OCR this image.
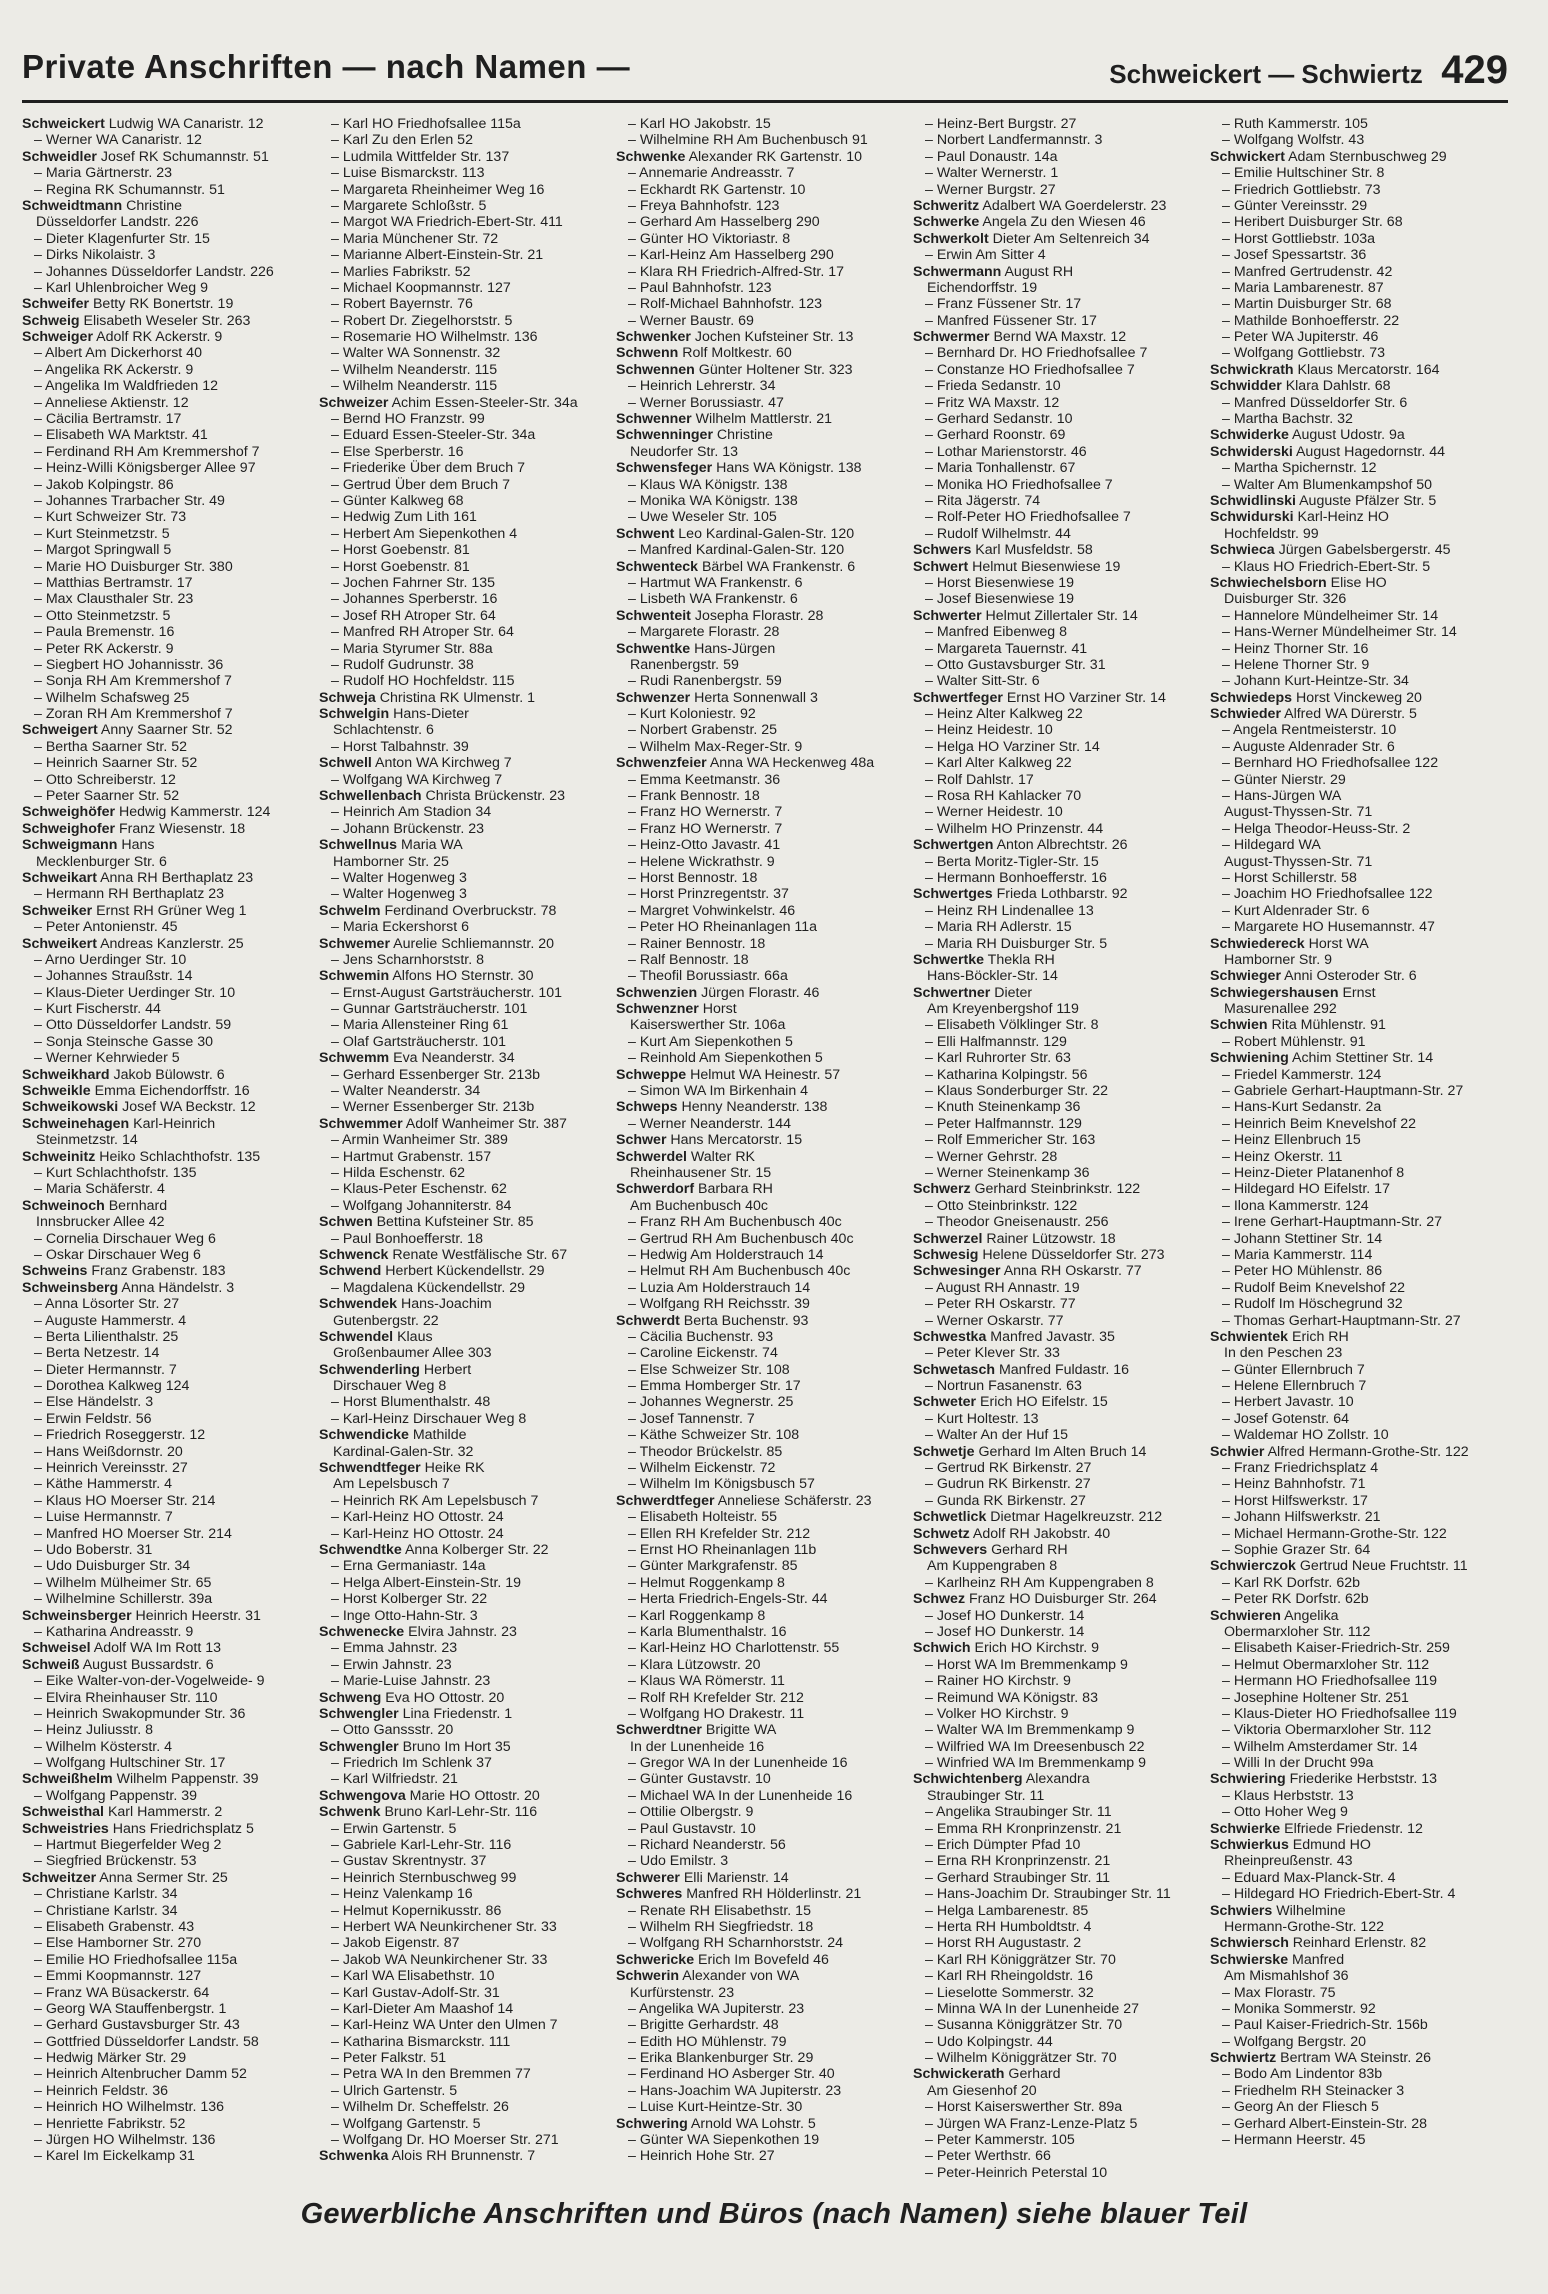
Private Anschriften — nach Namen —	Schweickert — Schwiertz 429
Schweickert Ludwig WA Canaristr. 12
– Werner WA Canaristr. 12
Schweidler Josef RK Schumannstr. 51
– Maria Gärtnerstr. 23
– Regina RK Schumannstr. 51
Schweidtmann Christine
Düsseldorfer Landstr. 226
– Dieter Klagenfurter Str. 15
– Dirks Nikolaistr. 3
– Johannes Düsseldorfer Landstr. 226
– Karl Uhlenbroicher Weg 9
Schweifer Betty RK Bonertstr. 19
Schweig Elisabeth Weseler Str. 263
Schweiger Adolf RK Ackerstr. 9
– Albert Am Dickerhorst 40
– Angelika RK Ackerstr. 9
– Angelika Im Waldfrieden 12
– Anneliese Aktienstr. 12
– Cäcilia Bertramstr. 17
– Elisabeth WA Marktstr. 41
– Ferdinand RH Am Kremmershof 7
– Heinz-Willi Königsberger Allee 97
– Jakob Kolpingstr. 86
– Johannes Trarbacher Str. 49
– Kurt Schweizer Str. 73
– Kurt Steinmetzstr. 5
– Margot Springwall 5
– Marie HO Duisburger Str. 380
– Matthias Bertramstr. 17
– Max Clausthaler Str. 23
– Otto Steinmetzstr. 5
– Paula Bremenstr. 16
– Peter RK Ackerstr. 9
– Siegbert HO Johannisstr. 36
– Sonja RH Am Kremmershof 7
– Wilhelm Schafsweg 25
– Zoran RH Am Kremmershof 7
Schweigert Anny Saarner Str. 52
– Bertha Saarner Str. 52
– Heinrich Saarner Str. 52
– Otto Schreiberstr. 12
– Peter Saarner Str. 52
Schweighöfer Hedwig Kammerstr. 124
Schweighofer Franz Wiesenstr. 18
Schweigmann Hans
Mecklenburger Str. 6
Schweikart Anna RH Berthaplatz 23
– Hermann RH Berthaplatz 23
Schweiker Ernst RH Grüner Weg 1
– Peter Antonienstr. 45
Schweikert Andreas Kanzlerstr. 25
– Arno Uerdinger Str. 10
– Johannes Straußstr. 14
– Klaus-Dieter Uerdinger Str. 10
– Kurt Fischerstr. 44
– Otto Düsseldorfer Landstr. 59
– Sonja Steinsche Gasse 30
– Werner Kehrwieder 5
Schweikhard Jakob Bülowstr. 6
Schweikle Emma Eichendorffstr. 16
Schweikowski Josef WA Beckstr. 12
Schweinehagen Karl-Heinrich
Steinmetzstr. 14
Schweinitz Heiko Schlachthofstr. 135
– Kurt Schlachthofstr. 135
– Maria Schäferstr. 4
Schweinoch Bernhard
Innsbrucker Allee 42
– Cornelia Dirschauer Weg 6
– Oskar Dirschauer Weg 6
Schweins Franz Grabenstr. 183
Schweinsberg Anna Händelstr. 3
– Anna Lösorter Str. 27
– Auguste Hammerstr. 4
– Berta Lilienthalstr. 25
– Berta Netzestr. 14
– Dieter Hermannstr. 7
– Dorothea Kalkweg 124
– Else Händelstr. 3
– Erwin Feldstr. 56
– Friedrich Roseggerstr. 12
– Hans Weißdornstr. 20
– Heinrich Vereinsstr. 27
– Käthe Hammerstr. 4
– Klaus HO Moerser Str. 214
– Luise Hermannstr. 7
– Manfred HO Moerser Str. 214
– Udo Boberstr. 31
– Udo Duisburger Str. 34
– Wilhelm Mülheimer Str. 65
– Wilhelmine Schillerstr. 39a
Schweinsberger Heinrich Heerstr. 31
– Katharina Andreasstr. 9
Schweisel Adolf WA Im Rott 13
Schweiß August Bussardstr. 6
– Eike Walter-von-der-Vogelweide- 9
– Elvira Rheinhauser Str. 110
– Heinrich Swakopmunder Str. 36
– Heinz Juliusstr. 8
– Wilhelm Kösterstr. 4
– Wolfgang Hultschiner Str. 17
Schweißhelm Wilhelm Pappenstr. 39
– Wolfgang Pappenstr. 39
Schweisthal Karl Hammerstr. 2
Schweistries Hans Friedrichsplatz 5
– Hartmut Biegerfelder Weg 2
– Siegfried Brückenstr. 53
Schweitzer Anna Sermer Str. 25
– Christiane Karlstr. 34
– Christiane Karlstr. 34
– Elisabeth Grabenstr. 43
– Else Hamborner Str. 270
– Emilie HO Friedhofsallee 115a
– Emmi Koopmannstr. 127
– Franz WA Büsackerstr. 64
– Georg WA Stauffenbergstr. 1
– Gerhard Gustavsburger Str. 43
– Gottfried Düsseldorfer Landstr. 58
– Hedwig Märker Str. 29
– Heinrich Altenbrucher Damm 52
– Heinrich Feldstr. 36
– Heinrich HO Wilhelmstr. 136
– Henriette Fabrikstr. 52
– Jürgen HO Wilhelmstr. 136
– Karel Im Eickelkamp 31
– Karl HO Friedhofsallee 115a
– Karl Zu den Erlen 52
– Ludmila Wittfelder Str. 137
– Luise Bismarckstr. 113
– Margareta Rheinheimer Weg 16
– Margarete Schloßstr. 5
– Margot WA Friedrich-Ebert-Str. 411
– Maria Münchener Str. 72
– Marianne Albert-Einstein-Str. 21
– Marlies Fabrikstr. 52
– Michael Koopmannstr. 127
– Robert Bayernstr. 76
– Robert Dr. Ziegelhorststr. 5
– Rosemarie HO Wilhelmstr. 136
– Walter WA Sonnenstr. 32
– Wilhelm Neanderstr. 115
– Wilhelm Neanderstr. 115
Schweizer Achim Essen-Steeler-Str. 34a
– Bernd HO Franzstr. 99
– Eduard Essen-Steeler-Str. 34a
– Else Sperberstr. 16
– Friederike Über dem Bruch 7
– Gertrud Über dem Bruch 7
– Günter Kalkweg 68
– Hedwig Zum Lith 161
– Herbert Am Siepenkothen 4
– Horst Goebenstr. 81
– Horst Goebenstr. 81
– Jochen Fahrner Str. 135
– Johannes Sperberstr. 16
– Josef RH Atroper Str. 64
– Manfred RH Atroper Str. 64
– Maria Styrumer Str. 88a
– Rudolf Gudrunstr. 38
– Rudolf HO Hochfeldstr. 115
Schweja Christina RK Ulmenstr. 1
Schwelgin Hans-Dieter
Schlachtenstr. 6
– Horst Talbahnstr. 39
Schwell Anton WA Kirchweg 7
– Wolfgang WA Kirchweg 7
Schwellenbach Christa Brückenstr. 23
– Heinrich Am Stadion 34
– Johann Brückenstr. 23
Schwellnus Maria WA
Hamborner Str. 25
– Walter Hogenweg 3
– Walter Hogenweg 3
Schwelm Ferdinand Overbruckstr. 78
– Maria Eckershorst 6
Schwemer Aurelie Schliemannstr. 20
– Jens Scharnhorststr. 8
Schwemin Alfons HO Sternstr. 30
– Ernst-August Gartsträucherstr. 101
– Gunnar Gartsträucherstr. 101
– Maria Allensteiner Ring 61
– Olaf Gartsträucherstr. 101
Schwemm Eva Neanderstr. 34
– Gerhard Essenberger Str. 213b
– Walter Neanderstr. 34
– Werner Essenberger Str. 213b
Schwemmer Adolf Wanheimer Str. 387
– Armin Wanheimer Str. 389
– Hartmut Grabenstr. 157
– Hilda Eschenstr. 62
– Klaus-Peter Eschenstr. 62
– Wolfgang Johanniterstr. 84
Schwen Bettina Kufsteiner Str. 85
– Paul Bonhoefferstr. 18
Schwenck Renate Westfälische Str. 67
Schwend Herbert Kückendellstr. 29
– Magdalena Kückendellstr. 29
Schwendek Hans-Joachim
Gutenbergstr. 22
Schwendel Klaus
Großenbaumer Allee 303
Schwenderling Herbert
Dirschauer Weg 8
– Horst Blumenthalstr. 48
– Karl-Heinz Dirschauer Weg 8
Schwendicke Mathilde
Kardinal-Galen-Str. 32
Schwendtfeger Heike RK
Am Lepelsbusch 7
– Heinrich RK Am Lepelsbusch 7
– Karl-Heinz HO Ottostr. 24
– Karl-Heinz HO Ottostr. 24
Schwendtke Anna Kolberger Str. 22
– Erna Germaniastr. 14a
– Helga Albert-Einstein-Str. 19
– Horst Kolberger Str. 22
– Inge Otto-Hahn-Str. 3
Schwenecke Elvira Jahnstr. 23
– Emma Jahnstr. 23
– Erwin Jahnstr. 23
– Marie-Luise Jahnstr. 23
Schweng Eva HO Ottostr. 20
Schwengler Lina Friedenstr. 1
– Otto Ganssstr. 20
Schwengler Bruno Im Hort 35
– Friedrich Im Schlenk 37
– Karl Wilfriedstr. 21
Schwengova Marie HO Ottostr. 20
Schwenk Bruno Karl-Lehr-Str. 116
– Erwin Gartenstr. 5
– Gabriele Karl-Lehr-Str. 116
– Gustav Skrentnystr. 37
– Heinrich Sternbuschweg 99
– Heinz Valenkamp 16
– Helmut Kopernikusstr. 86
– Herbert WA Neunkirchener Str. 33
– Jakob Eigenstr. 87
– Jakob WA Neunkirchener Str. 33
– Karl WA Elisabethstr. 10
– Karl Gustav-Adolf-Str. 31
– Karl-Dieter Am Maashof 14
– Karl-Heinz WA Unter den Ulmen 7
– Katharina Bismarckstr. 111
– Peter Falkstr. 51
– Petra WA In den Bremmen 77
– Ulrich Gartenstr. 5
– Wilhelm Dr. Scheffelstr. 26
– Wolfgang Gartenstr. 5
– Wolfgang Dr. HO Moerser Str. 271
Schwenka Alois RH Brunnenstr. 7
– Karl HO Jakobstr. 15
– Wilhelmine RH Am Buchenbusch 91
Schwenke Alexander RK Gartenstr. 10
– Annemarie Andreasstr. 7
– Eckhardt RK Gartenstr. 10
– Freya Bahnhofstr. 123
– Gerhard Am Hasselberg 290
– Günter HO Viktoriastr. 8
– Karl-Heinz Am Hasselberg 290
– Klara RH Friedrich-Alfred-Str. 17
– Paul Bahnhofstr. 123
– Rolf-Michael Bahnhofstr. 123
– Werner Baustr. 69
Schwenker Jochen Kufsteiner Str. 13
Schwenn Rolf Moltkestr. 60
Schwennen Günter Holtener Str. 323
– Heinrich Lehrerstr. 34
– Werner Borussiastr. 47
Schwenner Wilhelm Mattlerstr. 21
Schwenninger Christine
Neudorfer Str. 13
Schwensfeger Hans WA Königstr. 138
– Klaus WA Königstr. 138
– Monika WA Königstr. 138
– Uwe Weseler Str. 105
Schwent Leo Kardinal-Galen-Str. 120
– Manfred Kardinal-Galen-Str. 120
Schwenteck Bärbel WA Frankenstr. 6
– Hartmut WA Frankenstr. 6
– Lisbeth WA Frankenstr. 6
Schwenteit Josepha Florastr. 28
– Margarete Florastr. 28
Schwentke Hans-Jürgen
Ranenbergstr. 59
– Rudi Ranenbergstr. 59
Schwenzer Herta Sonnenwall 3
– Kurt Koloniestr. 92
– Norbert Grabenstr. 25
– Wilhelm Max-Reger-Str. 9
Schwenzfeier Anna WA Heckenweg 48a
– Emma Keetmanstr. 36
– Frank Bennostr. 18
– Franz HO Wernerstr. 7
– Franz HO Wernerstr. 7
– Heinz-Otto Javastr. 41
– Helene Wickrathstr. 9
– Horst Bennostr. 18
– Horst Prinzregentstr. 37
– Margret Vohwinkelstr. 46
– Peter HO Rheinanlagen 11a
– Rainer Bennostr. 18
– Ralf Bennostr. 18
– Theofil Borussiastr. 66a
Schwenzien Jürgen Florastr. 46
Schwenzner Horst
Kaiserswerther Str. 106a
– Kurt Am Siepenkothen 5
– Reinhold Am Siepenkothen 5
Schweppe Helmut WA Heinestr. 57
– Simon WA Im Birkenhain 4
Schweps Henny Neanderstr. 138
– Werner Neanderstr. 144
Schwer Hans Mercatorstr. 15
Schwerdel Walter RK
Rheinhausener Str. 15
Schwerdorf Barbara RH
Am Buchenbusch 40c
– Franz RH Am Buchenbusch 40c
– Gertrud RH Am Buchenbusch 40c
– Hedwig Am Holderstrauch 14
– Helmut RH Am Buchenbusch 40c
– Luzia Am Holderstrauch 14
– Wolfgang RH Reichsstr. 39
Schwerdt Berta Buchenstr. 93
– Cäcilia Buchenstr. 93
– Caroline Eickenstr. 74
– Else Schweizer Str. 108
– Emma Homberger Str. 17
– Johannes Wegnerstr. 25
– Josef Tannenstr. 7
– Käthe Schweizer Str. 108
– Theodor Brückelstr. 85
– Wilhelm Eickenstr. 72
– Wilhelm Im Königsbusch 57
Schwerdtfeger Anneliese Schäferstr. 23
– Elisabeth Holteistr. 55
– Ellen RH Krefelder Str. 212
– Ernst HO Rheinanlagen 11b
– Günter Markgrafenstr. 85
– Helmut Roggenkamp 8
– Herta Friedrich-Engels-Str. 44
– Karl Roggenkamp 8
– Karla Blumenthalstr. 16
– Karl-Heinz HO Charlottenstr. 55
– Klara Lützowstr. 20
– Klaus WA Römerstr. 11
– Rolf RH Krefelder Str. 212
– Wolfgang HO Drakestr. 11
Schwerdtner Brigitte WA
In der Lunenheide 16
– Gregor WA In der Lunenheide 16
– Günter Gustavstr. 10
– Michael WA In der Lunenheide 16
– Ottilie Olbergstr. 9
– Paul Gustavstr. 10
– Richard Neanderstr. 56
– Udo Emilstr. 3
Schwerer Elli Marienstr. 14
Schweres Manfred RH Hölderlinstr. 21
– Renate RH Elisabethstr. 15
– Wilhelm RH Siegfriedstr. 18
– Wolfgang RH Scharnhorststr. 24
Schwericke Erich Im Bovefeld 46
Schwerin Alexander von WA
Kurfürstenstr. 23
– Angelika WA Jupiterstr. 23
– Brigitte Gerhardstr. 48
– Edith HO Mühlenstr. 79
– Erika Blankenburger Str. 29
– Ferdinand HO Asberger Str. 40
– Hans-Joachim WA Jupiterstr. 23
– Luise Kurt-Heintze-Str. 30
Schwering Arnold WA Lohstr. 5
– Günter WA Siepenkothen 19
– Heinrich Hohe Str. 27
– Heinz-Bert Burgstr. 27
– Norbert Landfermannstr. 3
– Paul Donaustr. 14a
– Walter Wernerstr. 1
– Werner Burgstr. 27
Schweritz Adalbert WA Goerdelerstr. 23
Schwerke Angela Zu den Wiesen 46
Schwerkolt Dieter Am Seltenreich 34
– Erwin Am Sitter 4
Schwermann August RH
Eichendorffstr. 19
– Franz Füssener Str. 17
– Manfred Füssener Str. 17
Schwermer Bernd WA Maxstr. 12
– Bernhard Dr. HO Friedhofsallee 7
– Constanze HO Friedhofsallee 7
– Frieda Sedanstr. 10
– Fritz WA Maxstr. 12
– Gerhard Sedanstr. 10
– Gerhard Roonstr. 69
– Lothar Marienstorstr. 46
– Maria Tonhallenstr. 67
– Monika HO Friedhofsallee 7
– Rita Jägerstr. 74
– Rolf-Peter HO Friedhofsallee 7
– Rudolf Wilhelmstr. 44
Schwers Karl Musfeldstr. 58
Schwert Helmut Biesenwiese 19
– Horst Biesenwiese 19
– Josef Biesenwiese 19
Schwerter Helmut Zillertaler Str. 14
– Manfred Eibenweg 8
– Margareta Tauernstr. 41
– Otto Gustavsburger Str. 31
– Walter Sitt-Str. 6
Schwertfeger Ernst HO Varziner Str. 14
– Heinz Alter Kalkweg 22
– Heinz Heidestr. 10
– Helga HO Varziner Str. 14
– Karl Alter Kalkweg 22
– Rolf Dahlstr. 17
– Rosa RH Kahlacker 70
– Werner Heidestr. 10
– Wilhelm HO Prinzenstr. 44
Schwertgen Anton Albrechtstr. 26
– Berta Moritz-Tigler-Str. 15
– Hermann Bonhoefferstr. 16
Schwertges Frieda Lothbarstr. 92
– Heinz RH Lindenallee 13
– Maria RH Adlerstr. 15
– Maria RH Duisburger Str. 5
Schwertke Thekla RH
Hans-Böckler-Str. 14
Schwertner Dieter
Am Kreyenbergshof 119
– Elisabeth Völklinger Str. 8
– Elli Halfmannstr. 129
– Karl Ruhrorter Str. 63
– Katharina Kolpingstr. 56
– Klaus Sonderburger Str. 22
– Knuth Steinenkamp 36
– Peter Halfmannstr. 129
– Rolf Emmericher Str. 163
– Werner Gehrstr. 28
– Werner Steinenkamp 36
Schwerz Gerhard Steinbrinkstr. 122
– Otto Steinbrinkstr. 122
– Theodor Gneisenaustr. 256
Schwerzel Rainer Lützowstr. 18
Schwesig Helene Düsseldorfer Str. 273
Schwesinger Anna RH Oskarstr. 77
– August RH Annastr. 19
– Peter RH Oskarstr. 77
– Werner Oskarstr. 77
Schwestka Manfred Javastr. 35
– Peter Klever Str. 33
Schwetasch Manfred Fuldastr. 16
– Nortrun Fasanenstr. 63
Schweter Erich HO Eifelstr. 15
– Kurt Holtestr. 13
– Walter An der Huf 15
Schwetje Gerhard Im Alten Bruch 14
– Gertrud RK Birkenstr. 27
– Gudrun RK Birkenstr. 27
– Gunda RK Birkenstr. 27
Schwetlick Dietmar Hagelkreuzstr. 212
Schwetz Adolf RH Jakobstr. 40
Schwevers Gerhard RH
Am Kuppengraben 8
– Karlheinz RH Am Kuppengraben 8
Schwez Franz HO Duisburger Str. 264
– Josef HO Dunkerstr. 14
– Josef HO Dunkerstr. 14
Schwich Erich HO Kirchstr. 9
– Horst WA Im Bremmenkamp 9
– Rainer HO Kirchstr. 9
– Reimund WA Königstr. 83
– Volker HO Kirchstr. 9
– Walter WA Im Bremmenkamp 9
– Wilfried WA Im Dreesenbusch 22
– Winfried WA Im Bremmenkamp 9
Schwichtenberg Alexandra
Straubinger Str. 11
– Angelika Straubinger Str. 11
– Emma RH Kronprinzenstr. 21
– Erich Dümpter Pfad 10
– Erna RH Kronprinzenstr. 21
– Gerhard Straubinger Str. 11
– Hans-Joachim Dr. Straubinger Str. 11
– Helga Lambarenestr. 85
– Herta RH Humboldtstr. 4
– Horst RH Augustastr. 2
– Karl RH Königgrätzer Str. 70
– Karl RH Rheingoldstr. 16
– Lieselotte Sommerstr. 32
– Minna WA In der Lunenheide 27
– Susanna Königgrätzer Str. 70
– Udo Kolpingstr. 44
– Wilhelm Königgrätzer Str. 70
Schwickerath Gerhard
Am Giesenhof 20
– Horst Kaiserswerther Str. 89a
– Jürgen WA Franz-Lenze-Platz 5
– Peter Kammerstr. 105
– Peter Werthstr. 66
– Peter-Heinrich Peterstal 10
– Ruth Kammerstr. 105
– Wolfgang Wolfstr. 43
Schwickert Adam Sternbuschweg 29
– Emilie Hultschiner Str. 8
– Friedrich Gottliebstr. 73
– Günter Vereinsstr. 29
– Heribert Duisburger Str. 68
– Horst Gottliebstr. 103a
– Josef Spessartstr. 36
– Manfred Gertrudenstr. 42
– Maria Lambarenestr. 87
– Martin Duisburger Str. 68
– Mathilde Bonhoefferstr. 22
– Peter WA Jupiterstr. 46
– Wolfgang Gottliebstr. 73
Schwickrath Klaus Mercatorstr. 164
Schwidder Klara Dahlstr. 68
– Manfred Düsseldorfer Str. 6
– Martha Bachstr. 32
Schwiderke August Udostr. 9a
Schwiderski August Hagedornstr. 44
– Martha Spichernstr. 12
– Walter Am Blumenkampshof 50
Schwidlinski Auguste Pfälzer Str. 5
Schwidurski Karl-Heinz HO
Hochfeldstr. 99
Schwieca Jürgen Gabelsbergerstr. 45
– Klaus HO Friedrich-Ebert-Str. 5
Schwiechelsborn Elise HO
Duisburger Str. 326
– Hannelore Mündelheimer Str. 14
– Hans-Werner Mündelheimer Str. 14
– Heinz Thorner Str. 16
– Helene Thorner Str. 9
– Johann Kurt-Heintze-Str. 34
Schwiedeps Horst Vinckeweg 20
Schwieder Alfred WA Dürerstr. 5
– Angela Rentmeisterstr. 10
– Auguste Aldenrader Str. 6
– Bernhard HO Friedhofsallee 122
– Günter Nierstr. 29
– Hans-Jürgen WA
August-Thyssen-Str. 71
– Helga Theodor-Heuss-Str. 2
– Hildegard WA
August-Thyssen-Str. 71
– Horst Schillerstr. 58
– Joachim HO Friedhofsallee 122
– Kurt Aldenrader Str. 6
– Margarete HO Husemannstr. 47
Schwiedereck Horst WA
Hamborner Str. 9
Schwieger Anni Osteroder Str. 6
Schwiegershausen Ernst
Masurenallee 292
Schwien Rita Mühlenstr. 91
– Robert Mühlenstr. 91
Schwiening Achim Stettiner Str. 14
– Friedel Kammerstr. 124
– Gabriele Gerhart-Hauptmann-Str. 27
– Hans-Kurt Sedanstr. 2a
– Heinrich Beim Knevelshof 22
– Heinz Ellenbruch 15
– Heinz Okerstr. 11
– Heinz-Dieter Platanenhof 8
– Hildegard HO Eifelstr. 17
– Ilona Kammerstr. 124
– Irene Gerhart-Hauptmann-Str. 27
– Johann Stettiner Str. 14
– Maria Kammerstr. 114
– Peter HO Mühlenstr. 86
– Rudolf Beim Knevelshof 22
– Rudolf Im Höschegrund 32
– Thomas Gerhart-Hauptmann-Str. 27
Schwientek Erich RH
In den Peschen 23
– Günter Ellernbruch 7
– Helene Ellernbruch 7
– Herbert Javastr. 10
– Josef Gotenstr. 64
– Waldemar HO Zollstr. 10
Schwier Alfred Hermann-Grothe-Str. 122
– Franz Friedrichsplatz 4
– Heinz Bahnhofstr. 71
– Horst Hilfswerkstr. 17
– Johann Hilfswerkstr. 21
– Michael Hermann-Grothe-Str. 122
– Sophie Grazer Str. 64
Schwierczok Gertrud Neue Fruchtstr. 11
– Karl RK Dorfstr. 62b
– Peter RK Dorfstr. 62b
Schwieren Angelika
Obermarxloher Str. 112
– Elisabeth Kaiser-Friedrich-Str. 259
– Helmut Obermarxloher Str. 112
– Hermann HO Friedhofsallee 119
– Josephine Holtener Str. 251
– Klaus-Dieter HO Friedhofsallee 119
– Viktoria Obermarxloher Str. 112
– Wilhelm Amsterdamer Str. 14
– Willi In der Drucht 99a
Schwiering Friederike Herbststr. 13
– Klaus Herbststr. 13
– Otto Hoher Weg 9
Schwierke Elfriede Friedenstr. 12
Schwierkus Edmund HO
Rheinpreußenstr. 43
– Eduard Max-Planck-Str. 4
– Hildegard HO Friedrich-Ebert-Str. 4
Schwiers Wilhelmine
Hermann-Grothe-Str. 122
Schwiersch Reinhard Erlenstr. 82
Schwierske Manfred
Am Mismahlshof 36
– Max Florastr. 75
– Monika Sommerstr. 92
– Paul Kaiser-Friedrich-Str. 156b
– Wolfgang Bergstr. 20
Schwiertz Bertram WA Steinstr. 26
– Bodo Am Lindentor 83b
– Friedhelm RH Steinacker 3
– Georg An der Fliesch 5
– Gerhard Albert-Einstein-Str. 28
– Hermann Heerstr. 45
Gewerbliche Anschriften und Büros (nach Namen) siehe blauer Teil
